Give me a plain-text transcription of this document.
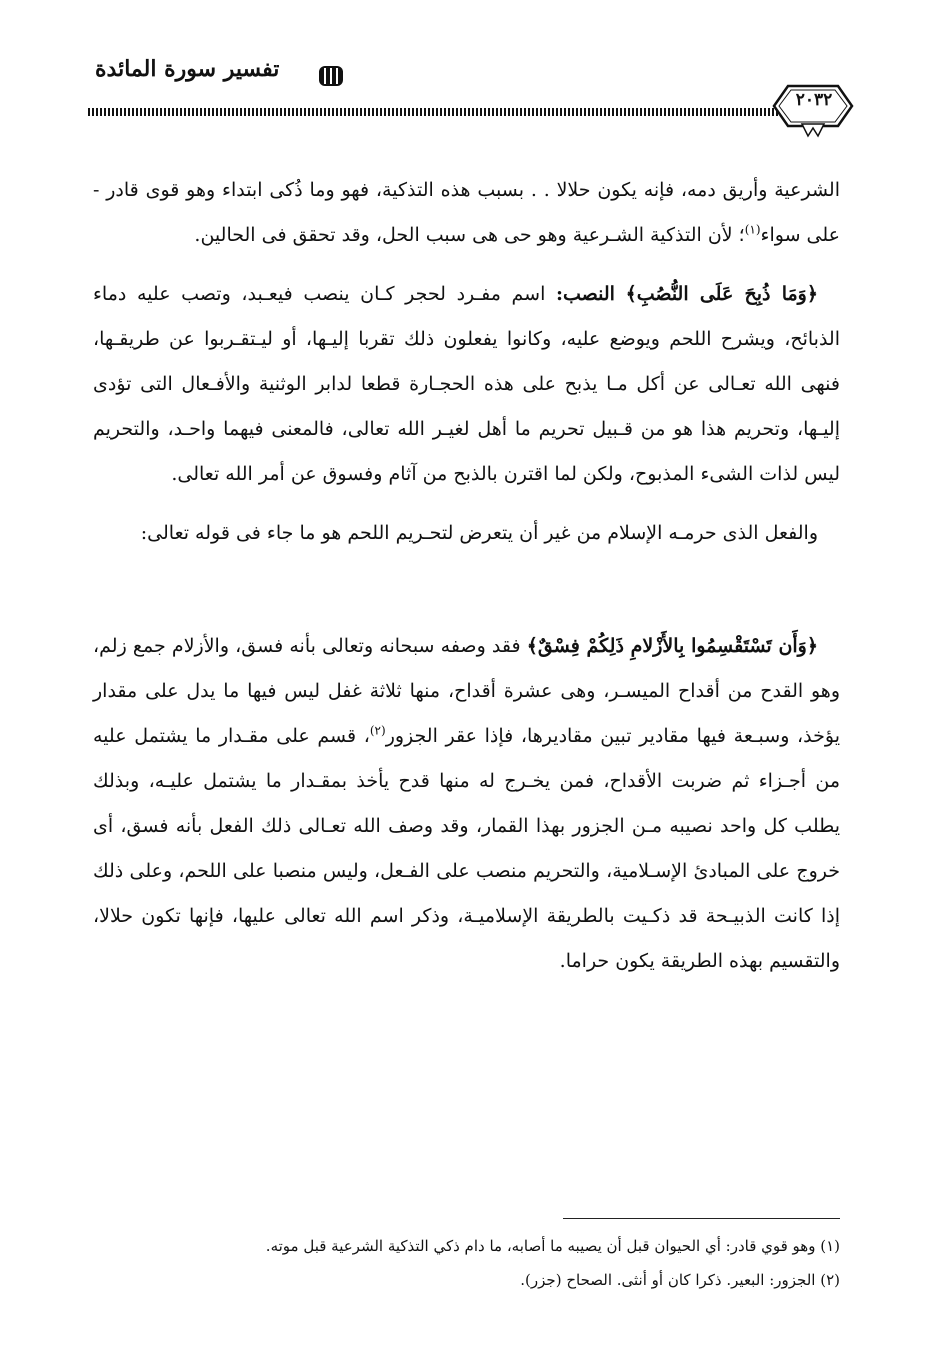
تفسير سورة المائدة
٢٠٣٢

الشرعية وأريق دمه، فإنه يكون حلالا . . بسبب هذه التذكية، فهو وما ذُكى ابتداء وهو قوى قادر - على سواء$^{(١)}$؛ لأن التذكية الشـرعية وهو حى هى سبب الحل، وقد تحقق فى الحالين.

﴿وَمَا ذُبِحَ عَلَى النُّصُبِ﴾ النصب: اسم مفـرد لحجر كـان ينصب فيعـبد، وتصب عليه دماء الذبائح، ويشرح اللحم ويوضع عليه، وكانوا يفعلون ذلك تقربا إليـها، أو ليـتقـربوا عن طريقـها، فنهى الله تعـالى عن أكل مـا يذبح على هذه الحجـارة قطعا لدابر الوثنية والأفـعال التى تؤدى إليـها، وتحريم هذا هو من قـبيل تحريم ما أهل لغيـر الله تعالى، فالمعنى فيهما واحـد، والتحريم ليس لذات الشىء المذبوح، ولكن لما اقترن بالذبح من آثام وفسوق عن أمر الله تعالى.

والفعل الذى حرمـه الإسلام من غير أن يتعرض لتحـريم اللحم هو ما جاء فى قوله تعالى:

﴿وَأَن تَسْتَقْسِمُوا بِالأَزْلامِ ذَلِكُمْ فِسْقٌ﴾ فقد وصفه سبحانه وتعالى بأنه فسق، والأزلام جمع زلم، وهو القدح من أقداح الميسـر، وهى عشرة أقداح، منها ثلاثة غفل ليس فيها ما يدل على مقدار يؤخذ، وسبـعة فيها مقادير تبين مقاديرها، فإذا عقر الجزور$^{(٢)}$، قسم على مقـدار ما يشتمل عليه من أجـزاء ثم ضربت الأقداح، فمن يخـرج له منها قدح يأخذ بمقـدار ما يشتمل عليـه، وبذلك يطلب كل واحد نصيبه مـن الجزور بهذا القمار، وقد وصف الله تعـالى ذلك الفعل بأنه فسق، أى خروج على المبادئ الإسـلامية، والتحريم منصب على الفـعل، وليس منصبا على اللحم، وعلى ذلك إذا كانت الذبيـحة قد ذكـيت بالطريقة الإسلاميـة، وذكر اسم الله تعالى عليها، فإنها تكون حلالا، والتقسيم بهذه الطريقة يكون حراما.

(١) وهو قوي قادر: أي الحيوان قبل أن يصيبه ما أصابه، ما دام ذكي التذكية الشرعية قبل موته.

(٢) الجزور: البعير. ذكرا كان أو أنثى. الصحاح (جزر).
